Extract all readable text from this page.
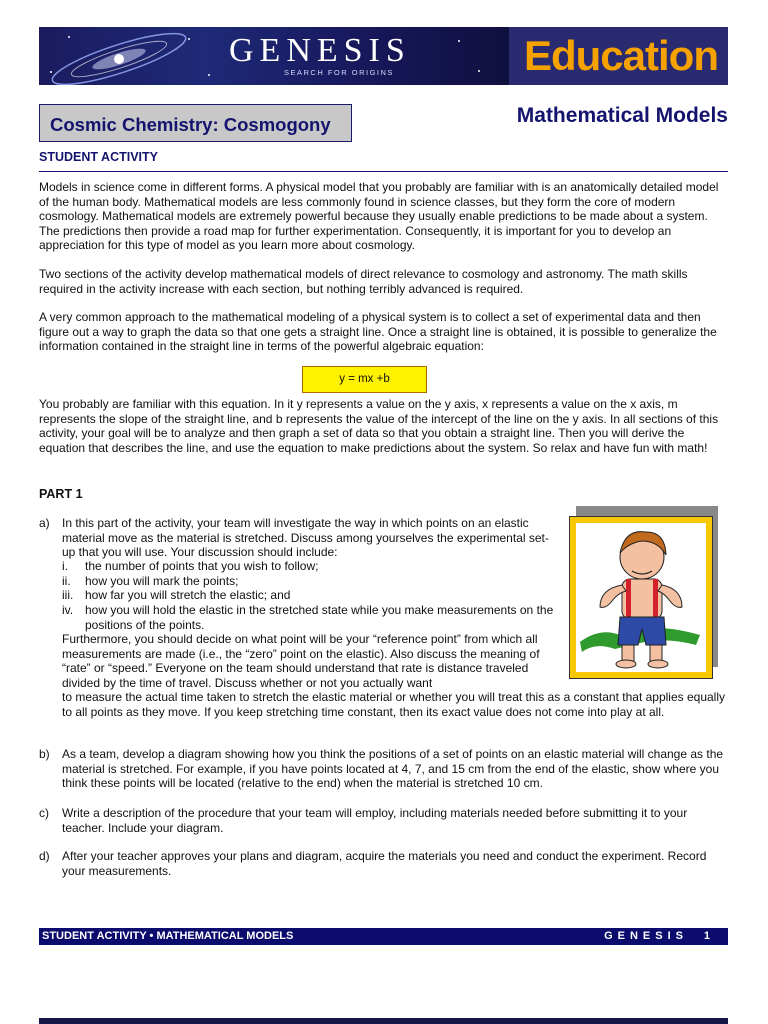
GENESIS
SEARCH FOR ORIGINS	Education
Cosmic Chemistry: Cosmogony	Mathematical Models
STUDENT ACTIVITY

Models in science come in different forms. A physical model that you probably are familiar with is an anatomically detailed model of the human body. Mathematical models are less commonly found in science classes, but they form the core of modern cosmology. Mathematical models are extremely powerful because they usually enable predictions to be made about a system. The predictions then provide a road map for further experimentation. Consequently, it is important for you to develop an appreciation for this type of model as you learn more about cosmology.

Two sections of the activity develop mathematical models of direct relevance to cosmology and astronomy. The math skills required in the activity increase with each section, but nothing terribly advanced is required.

A very common approach to the mathematical modeling of a physical system is to collect a set of experimental data and then figure out a way to graph the data so that one gets a straight line. Once a straight line is obtained, it is possible to generalize the information contained in the straight line in terms of the powerful algebraic equation:

y = mx +b

You probably are familiar with this equation. In it y represents a value on the y axis, x represents a value on the x axis, m represents the slope of the straight line, and b represents the value of the intercept of the line on the y axis. In all sections of this activity, your goal will be to analyze and then graph a set of data so that you obtain a straight line. Then you will derive the equation that describes the line, and use the equation to make predictions about the system. So relax and have fun with math!

PART 1
a) In this part of the activity, your team will investigate the way in which points on an elastic material move as the material is stretched. Discuss among yourselves the experimental set-up that you will use. Your discussion should include:

i. the number of points that you wish to follow;

ii. how you will mark the points;

iii. how far you will stretch the elastic; and

iv. how you will hold the elastic in the stretched state while you make measurements on the positions of the points.

Furthermore, you should decide on what point will be your “reference point” from which all measurements are made (i.e., the “zero” point on the elastic). Also discuss the meaning of “rate” or “speed.” Everyone on the team should understand that rate is distance traveled divided by the time of travel. Discuss whether or not you actually want

to measure the actual time taken to stretch the elastic material or whether you will treat this as a constant that applies equally to all points as they move. If you keep stretching time constant, then its exact value does not come into play at all.

b) As a team, develop a diagram showing how you think the positions of a set of points on an elastic material will change as the material is stretched. For example, if you have points located at 4, 7, and 15 cm from the end of the elastic, show where you think these points will be located (relative to the end) when the material is stretched 10 cm.

c) Write a description of the procedure that your team will employ, including materials needed before submitting it to your teacher. Include your diagram.

d) After your teacher approves your plans and diagram, acquire the materials you need and conduct the experiment. Record your measurements.

STUDENT ACTIVITY • MATHEMATICAL MODELS	GENESIS 1
